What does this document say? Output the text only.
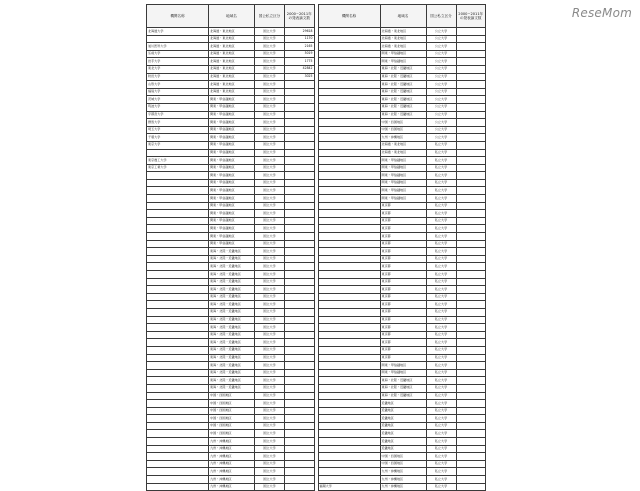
ReseMom
機関名称	地域名	国公私立区分	2000~2011年の発表論文数
北海道大学	北海道・東北地区	国立大学	29618
	北海道・東北地区	国立大学	1170
旭川医科大学	北海道・東北地区	国立大学	2165
弘前大学	北海道・東北地区	国立大学	5019
岩手大学	北海道・東北地区	国立大学	1775
東北大学	北海道・東北地区	国立大学	42842
秋田大学	北海道・東北地区	国立大学	3025
山形大学	北海道・東北地区	国立大学	
福島大学	北海道・東北地区	国立大学	
茨城大学	関東・甲信越地区	国立大学	
筑波大学	関東・甲信越地区	国立大学	
宇都宮大学	関東・甲信越地区	国立大学	
群馬大学	関東・甲信越地区	国立大学	
埼玉大学	関東・甲信越地区	国立大学	
千葉大学	関東・甲信越地区	国立大学	
東京大学	関東・甲信越地区	国立大学	
	関東・甲信越地区	国立大学	
東京農工大学	関東・甲信越地区	国立大学	
東京工業大学	関東・甲信越地区	国立大学	
	関東・甲信越地区	国立大学	
	関東・甲信越地区	国立大学	
	関東・甲信越地区	国立大学	
	関東・甲信越地区	国立大学	
	関東・甲信越地区	国立大学	
	関東・甲信越地区	国立大学	
	関東・甲信越地区	国立大学	
	関東・甲信越地区	国立大学	
	関東・甲信越地区	国立大学	
	関東・甲信越地区	国立大学	
	東海・北陸・近畿地区	国立大学	
	東海・北陸・近畿地区	国立大学	
	東海・北陸・近畿地区	国立大学	
	東海・北陸・近畿地区	国立大学	
	東海・北陸・近畿地区	国立大学	
	東海・北陸・近畿地区	国立大学	
	東海・北陸・近畿地区	国立大学	
	東海・北陸・近畿地区	国立大学	
	東海・北陸・近畿地区	国立大学	
	東海・北陸・近畿地区	国立大学	
	東海・北陸・近畿地区	国立大学	
	東海・北陸・近畿地区	国立大学	
	東海・北陸・近畿地区	国立大学	
	東海・北陸・近畿地区	国立大学	
	東海・北陸・近畿地区	国立大学	
	東海・北陸・近畿地区	国立大学	
	東海・北陸・近畿地区	国立大学	
	東海・北陸・近畿地区	国立大学	
	東海・北陸・近畿地区	国立大学	
	中国・四国地区	国立大学	
	中国・四国地区	国立大学	
	中国・四国地区	国立大学	
	中国・四国地区	国立大学	
	中国・四国地区	国立大学	
	中国・四国地区	国立大学	
	九州・沖縄地区	国立大学	
	九州・沖縄地区	国立大学	
	九州・沖縄地区	国立大学	
	九州・沖縄地区	国立大学	
	九州・沖縄地区	国立大学	
	九州・沖縄地区	国立大学	
	九州・沖縄地区	国立大学	
機関名称	地域名	国公私立区分	2000~2011年の発表論文数
	北海道・東北地区	公立大学	
	北海道・東北地区	公立大学	
	北海道・東北地区	公立大学	
	関東・甲信越地区	公立大学	
	関東・甲信越地区	公立大学	
	東海・北陸・近畿地区	公立大学	
	東海・北陸・近畿地区	公立大学	
	東海・北陸・近畿地区	公立大学	
	東海・北陸・近畿地区	公立大学	
	東海・北陸・近畿地区	公立大学	
	東海・北陸・近畿地区	公立大学	
	東海・北陸・近畿地区	公立大学	
	中国・四国地区	公立大学	
	中国・四国地区	公立大学	
	九州・沖縄地区	公立大学	
	北海道・東北地区	私立大学	
	北海道・東北地区	私立大学	
	関東・甲信越地区	私立大学	
	関東・甲信越地区	私立大学	
	関東・甲信越地区	私立大学	
	関東・甲信越地区	私立大学	
	関東・甲信越地区	私立大学	
	関東・甲信越地区	私立大学	
	東京都	私立大学	
	東京都	私立大学	
	東京都	私立大学	
	東京都	私立大学	
	東京都	私立大学	
	東京都	私立大学	
	東京都	私立大学	
	東京都	私立大学	
	東京都	私立大学	
	東京都	私立大学	
	東京都	私立大学	
	東京都	私立大学	
	東京都	私立大学	
	東京都	私立大学	
	東京都	私立大学	
	東京都	私立大学	
	東京都	私立大学	
	東京都	私立大学	
	東京都	私立大学	
	東京都	私立大学	
	東京都	私立大学	
	関東・甲信越地区	私立大学	
	関東・甲信越地区	私立大学	
	東海・北陸・近畿地区	私立大学	
	東海・北陸・近畿地区	私立大学	
	東海・北陸・近畿地区	私立大学	
	近畿地区	私立大学	
	近畿地区	私立大学	
	近畿地区	私立大学	
	近畿地区	私立大学	
	近畿地区	私立大学	
	近畿地区	私立大学	
	近畿地区	私立大学	
	中国・四国地区	私立大学	
	中国・四国地区	私立大学	
	九州・沖縄地区	私立大学	
	九州・沖縄地区	私立大学	
福岡大学	九州・沖縄地区	私立大学	
